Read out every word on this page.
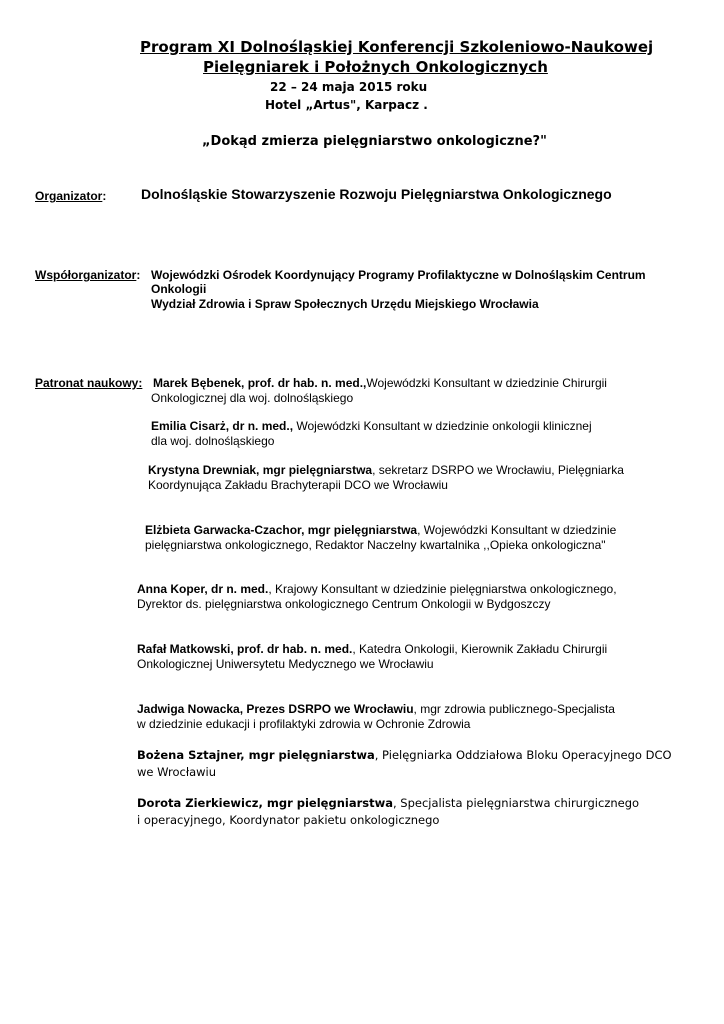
Program XI Dolnośląskiej Konferencji Szkoleniowo-Naukowej
Pielęgniarek i Położnych Onkologicznych
22 – 24 maja 2015 roku
Hotel „Artus", Karpacz .
„Dokąd zmierza pielęgniarstwo onkologiczne?"
Organizator: Dolnośląskie Stowarzyszenie Rozwoju Pielęgniarstwa Onkologicznego
Współorganizator: Wojewódzki Ośrodek Koordynujący Programy Profilaktyczne w Dolnośląskim Centrum
Onkologii
Wydział Zdrowia i Spraw Społecznych Urzędu Miejskiego Wrocławia
Patronat naukowy: Marek Bębenek, prof. dr hab. n. med.,Wojewódzki Konsultant w dziedzinie Chirurgii
Onkologicznej dla woj. dolnośląskiego
Emilia Cisarż, dr n. med., Wojewódzki Konsultant w dziedzinie onkologii klinicznej
dla woj. dolnośląskiego
Krystyna Drewniak, mgr pielęgniarstwa, sekretarz DSRPO we Wrocławiu, Pielęgniarka
Koordynująca Zakładu Brachyterapii DCO we Wrocławiu
Elżbieta Garwacka-Czachor, mgr pielęgniarstwa, Wojewódzki Konsultant w dziedzinie
pielęgniarstwa onkologicznego, Redaktor Naczelny kwartalnika ,,Opieka onkologiczna"
Anna Koper, dr n. med., Krajowy Konsultant w dziedzinie pielęgniarstwa onkologicznego,
Dyrektor ds. pielęgniarstwa onkologicznego Centrum Onkologii w Bydgoszczy
Rafał Matkowski, prof. dr hab. n. med., Katedra Onkologii, Kierownik Zakładu Chirurgii
Onkologicznej Uniwersytetu Medycznego we Wrocławiu
Jadwiga Nowacka, Prezes DSRPO we Wrocławiu, mgr zdrowia publicznego-Specjalista
w dziedzinie edukacji i profilaktyki zdrowia w Ochronie Zdrowia
Bożena Sztajner, mgr pielęgniarstwa, Pielęgniarka Oddziałowa Bloku Operacyjnego DCO
we Wrocławiu
Dorota Zierkiewicz, mgr pielęgniarstwa, Specjalista pielęgniarstwa chirurgicznego
i operacyjnego, Koordynator pakietu onkologicznego
